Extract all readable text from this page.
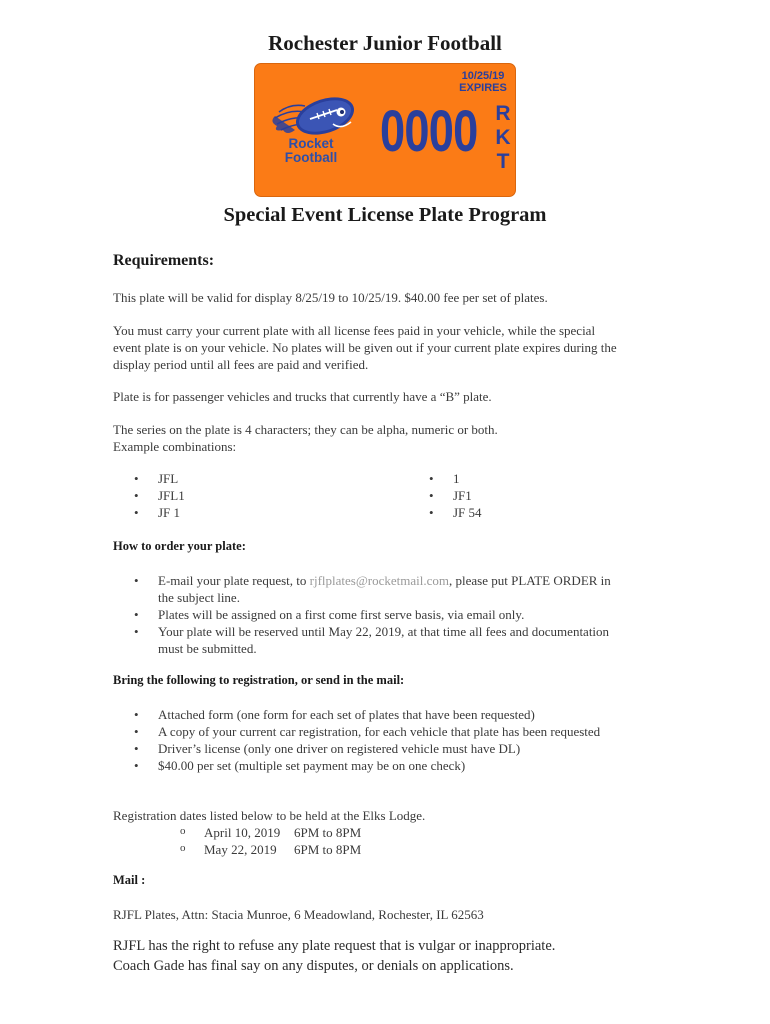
Rochester Junior Football
Rocket
Football 0000
10/25/19
EXPIRES
R
K
T
Special Event License Plate Program
Requirements:
This plate will be valid for display 8/25/19 to 10/25/19. $40.00 fee per set of plates.
You must carry your current plate with all license fees paid in your vehicle, while the special
event plate is on your vehicle. No plates will be given out if your current plate expires during the
display period until all fees are paid and verified.
Plate is for passenger vehicles and trucks that currently have a “B” plate.
The series on the plate is 4 characters; they can be alpha, numeric or both.
Example combinations:
• JFL
• JFL1
• JF 1
• 1
• JF1
• JF 54
How to order your plate:
• E-mail your plate request, to rjflplates@rocketmail.com, please put PLATE ORDER in
the subject line.
• Plates will be assigned on a first come first serve basis, via email only.
• Your plate will be reserved until May 22, 2019, at that time all fees and documentation
must be submitted.
Bring the following to registration, or send in the mail:
• Attached form (one form for each set of plates that have been requested)
• A copy of your current car registration, for each vehicle that plate has been requested
• Driver’s license (only one driver on registered vehicle must have DL)
• $40.00 per set (multiple set payment may be on one check)
Registration dates listed below to be held at the Elks Lodge.
o April 10, 2019 6PM to 8PM
o May 22, 2019 6PM to 8PM
Mail :
RJFL Plates, Attn: Stacia Munroe, 6 Meadowland, Rochester, IL 62563
RJFL has the right to refuse any plate request that is vulgar or inappropriate.
Coach Gade has final say on any disputes, or denials on applications.
